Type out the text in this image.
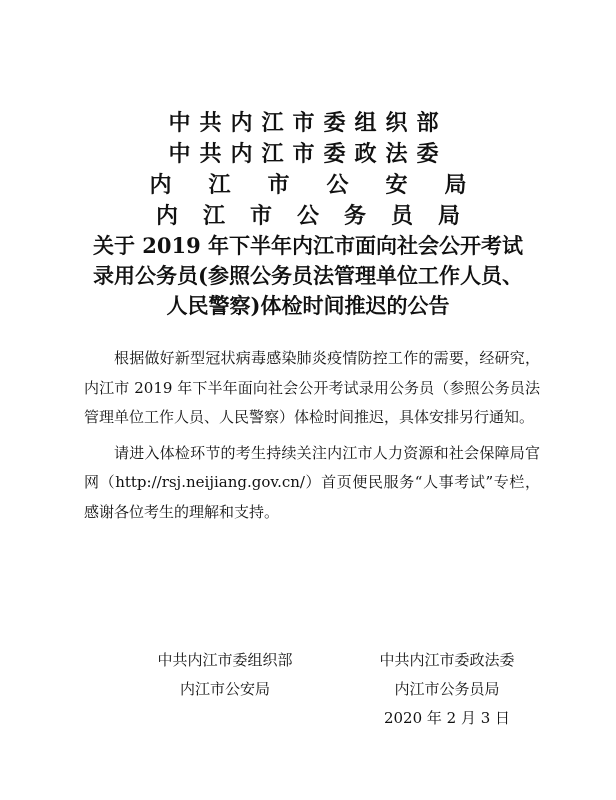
中共内江市委组织部
中共内江市委政法委
内江市公安局
内江市公务员局
关于 2019 年下半年内江市面向社会公开考试
录用公务员(参照公务员法管理单位工作人员、
人民警察)体检时间推迟的公告

根据做好新型冠状病毒感染肺炎疫情防控工作的需要，经研究，内江市 2019 年下半年面向社会公开考试录用公务员（参照公务员法管理单位工作人员、人民警察）体检时间推迟，具体安排另行通知。

请进入体检环节的考生持续关注内江市人力资源和社会保障局官网（http://rsj.neijiang.gov.cn/）首页便民服务“人事考试”专栏，感谢各位考生的理解和支持。

中共内江市委组织部
内江市公安局
中共内江市委政法委
内江市公务员局
2020 年 2 月 3 日
